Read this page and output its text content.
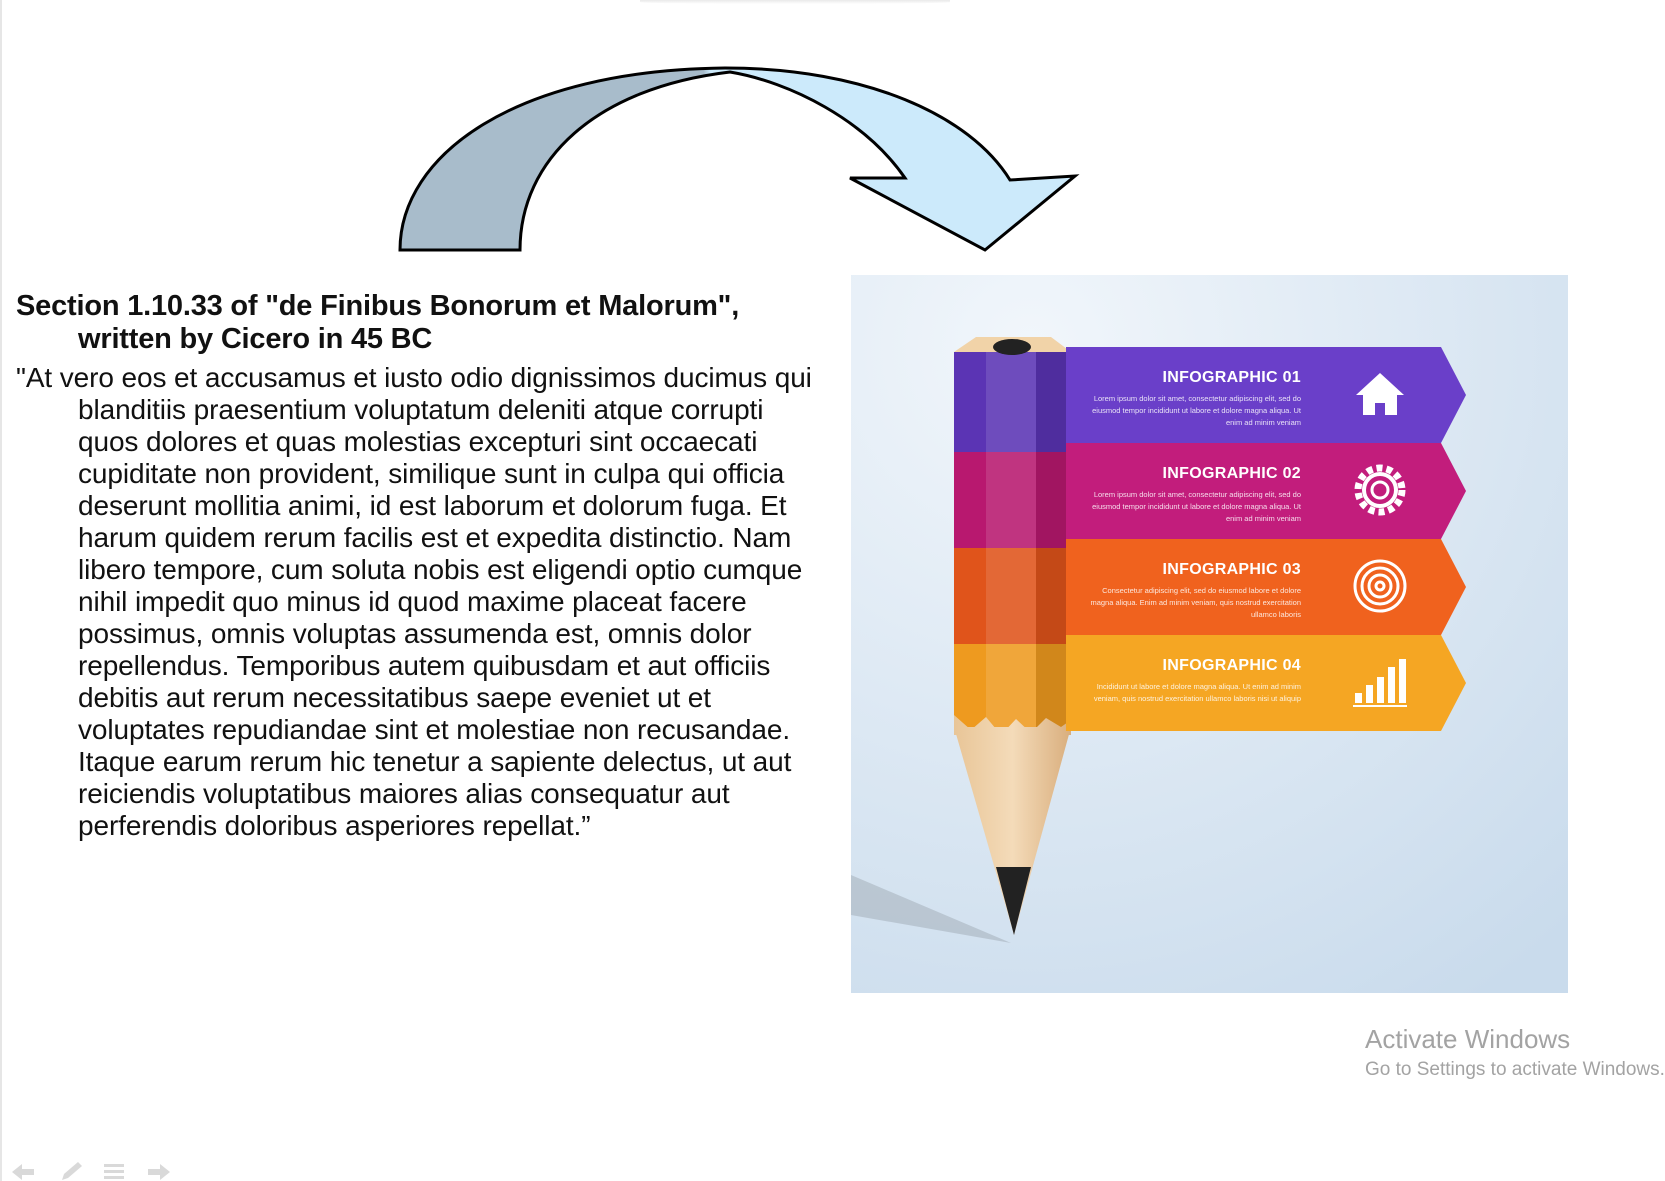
Section 1.10.33 of "de Finibus Bonorum et Malorum", written by Cicero in 45 BC

"At vero eos et accusamus et iusto odio dignissimos ducimus qui blanditiis praesentium voluptatum deleniti atque corrupti quos dolores et quas molestias excepturi sint occaecati cupiditate non provident, similique sunt in culpa qui officia deserunt mollitia animi, id est laborum et dolorum fuga. Et harum quidem rerum facilis est et expedita distinctio. Nam libero tempore, cum soluta nobis est eligendi optio cumque nihil impedit quo minus id quod maxime placeat facere possimus, omnis voluptas assumenda est, omnis dolor repellendus. Temporibus autem quibusdam et aut officiis debitis aut rerum necessitatibus saepe eveniet ut et voluptates repudiandae sint et molestiae non recusandae. Itaque earum rerum hic tenetur a sapiente delectus, ut aut reiciendis voluptatibus maiores alias consequatur aut perferendis doloribus asperiores repellat.”

INFOGRAPHIC 01
Lorem ipsum dolor sit amet, consectetur adipiscing elit, sed do eiusmod tempor incididunt ut labore et dolore magna aliqua. Ut enim ad minim veniam
INFOGRAPHIC 02
Lorem ipsum dolor sit amet, consectetur adipiscing elit, sed do eiusmod tempor incididunt ut labore et dolore magna aliqua. Ut enim ad minim veniam
INFOGRAPHIC 03
Consectetur adipiscing elit, sed do eiusmod labore et dolore magna aliqua. Enim ad minim veniam, quis nostrud exercitation ullamco laboris
INFOGRAPHIC 04
Incididunt ut labore et dolore magna aliqua. Ut enim ad minim veniam, quis nostrud exercitation ullamco laboris nisi ut aliquip
Activate Windows
Go to Settings to activate Windows.
